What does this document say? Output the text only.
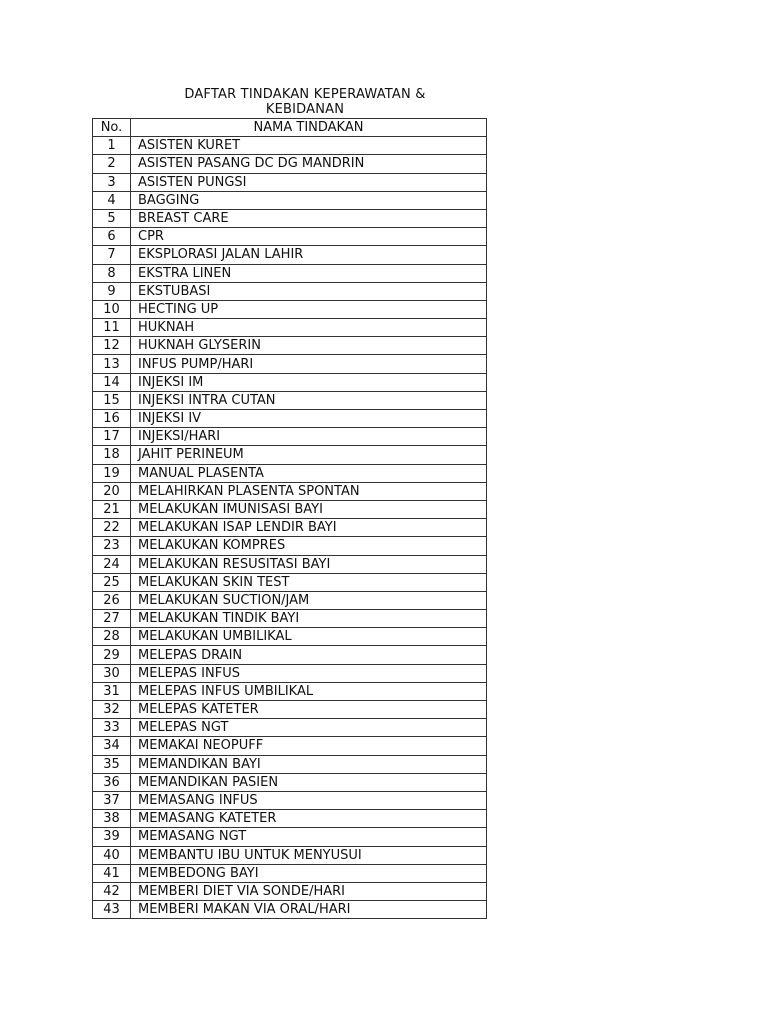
DAFTAR TINDAKAN KEPERAWATAN &
KEBIDANAN
No.	NAMA TINDAKAN
1	ASISTEN KURET
2	ASISTEN PASANG DC DG MANDRIN
3	ASISTEN PUNGSI
4	BAGGING
5	BREAST CARE
6	CPR
7	EKSPLORASI JALAN LAHIR
8	EKSTRA LINEN
9	EKSTUBASI
10	HECTING UP
11	HUKNAH
12	HUKNAH GLYSERIN
13	INFUS PUMP/HARI
14	INJEKSI IM
15	INJEKSI INTRA CUTAN
16	INJEKSI IV
17	INJEKSI/HARI
18	JAHIT PERINEUM
19	MANUAL PLASENTA
20	MELAHIRKAN PLASENTA SPONTAN
21	MELAKUKAN IMUNISASI BAYI
22	MELAKUKAN ISAP LENDIR BAYI
23	MELAKUKAN KOMPRES
24	MELAKUKAN RESUSITASI BAYI
25	MELAKUKAN SKIN TEST
26	MELAKUKAN SUCTION/JAM
27	MELAKUKAN TINDIK BAYI
28	MELAKUKAN UMBILIKAL
29	MELEPAS DRAIN
30	MELEPAS INFUS
31	MELEPAS INFUS UMBILIKAL
32	MELEPAS KATETER
33	MELEPAS NGT
34	MEMAKAI NEOPUFF
35	MEMANDIKAN BAYI
36	MEMANDIKAN PASIEN
37	MEMASANG INFUS
38	MEMASANG KATETER
39	MEMASANG NGT
40	MEMBANTU IBU UNTUK MENYUSUI
41	MEMBEDONG BAYI
42	MEMBERI DIET VIA SONDE/HARI
43	MEMBERI MAKAN VIA ORAL/HARI
